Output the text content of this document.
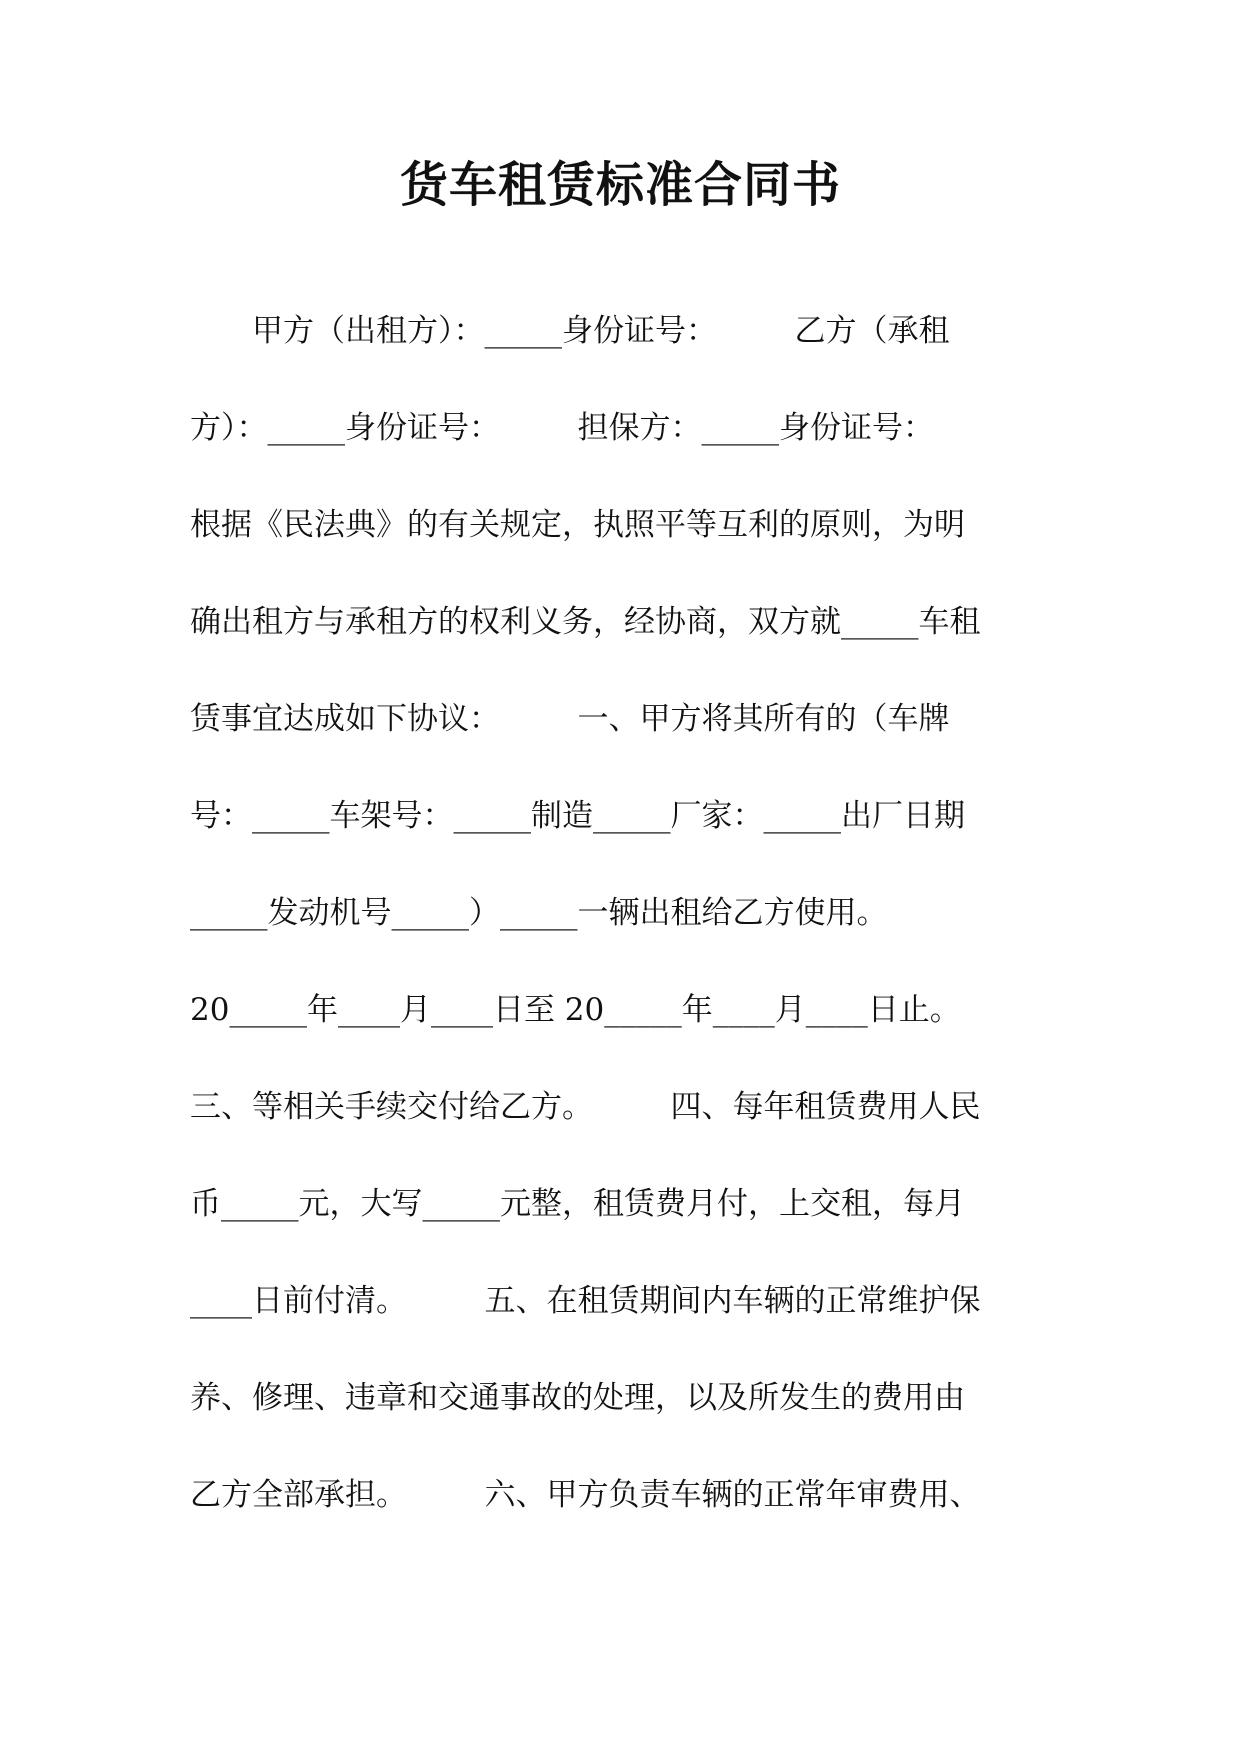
货车租赁标准合同书
　　甲方（出租方）：_____身份证号：　　　乙方（承租
方）：_____身份证号：　　　担保方：_____身份证号：
根据《民法典》的有关规定，执照平等互利的原则，为明
确出租方与承租方的权利义务，经协商，双方就_____车租
赁事宜达成如下协议：　　　一、甲方将其所有的（车牌
号：_____车架号：_____制造_____厂家：_____出厂日期
_____发动机号_____）_____一辆出租给乙方使用。
20_____年____月____日至 20_____年____月____日止。
三、等相关手续交付给乙方。　　　四、每年租赁费用人民
币_____元，大写_____元整，租赁费月付，上交租，每月
____日前付清。　　　五、在租赁期间内车辆的正常维护保
养、修理、违章和交通事故的处理，以及所发生的费用由
乙方全部承担。　　　六、甲方负责车辆的正常年审费用、
